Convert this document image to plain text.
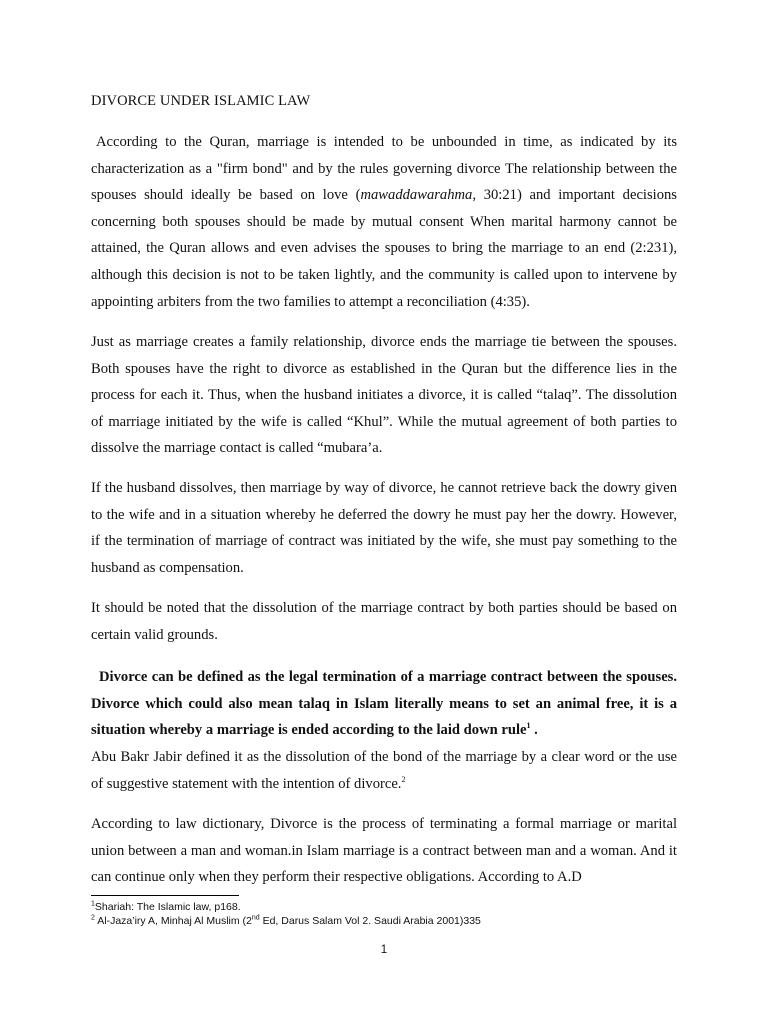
DIVORCE UNDER ISLAMIC LAW

According to the Quran, marriage is intended to be unbounded in time, as indicated by its characterization as a "firm bond" and by the rules governing divorce The relationship between the spouses should ideally be based on love (mawaddawarahma, 30:21) and important decisions concerning both spouses should be made by mutual consent When marital harmony cannot be attained, the Quran allows and even advises the spouses to bring the marriage to an end (2:231), although this decision is not to be taken lightly, and the community is called upon to intervene by appointing arbiters from the two families to attempt a reconciliation (4:35).

Just as marriage creates a family relationship, divorce ends the marriage tie between the spouses. Both spouses have the right to divorce as established in the Quran but the difference lies in the process for each it. Thus, when the husband initiates a divorce, it is called “talaq”. The dissolution of marriage initiated by the wife is called “Khul”. While the mutual agreement of both parties to dissolve the marriage contact is called “mubara’a.

If the husband dissolves, then marriage by way of divorce, he cannot retrieve back the dowry given to the wife and in a situation whereby he deferred the dowry he must pay her the dowry. However, if the termination of marriage of contract was initiated by the wife, she must pay something to the husband as compensation.

It should be noted that the dissolution of the marriage contract by both parties should be based on certain valid grounds.

Divorce can be defined as the legal termination of a marriage contract between the spouses. Divorce which could also mean talaq in Islam literally means to set an animal free, it is a situation whereby a marriage is ended according to the laid down rule$^1$ .

Abu Bakr Jabir defined it as the dissolution of the bond of the marriage by a clear word or the use of suggestive statement with the intention of divorce.$^2$

According to law dictionary, Divorce is the process of terminating a formal marriage or marital union between a man and woman.in Islam marriage is a contract between man and a woman. And it can continue only when they perform their respective obligations. According to A.D

$^1$Shariah: The Islamic law, p168.
$^2$ Al-Jaza’iry A, Minhaj Al Muslim (2nd Ed, Darus Salam Vol 2. Saudi Arabia 2001)335
1
